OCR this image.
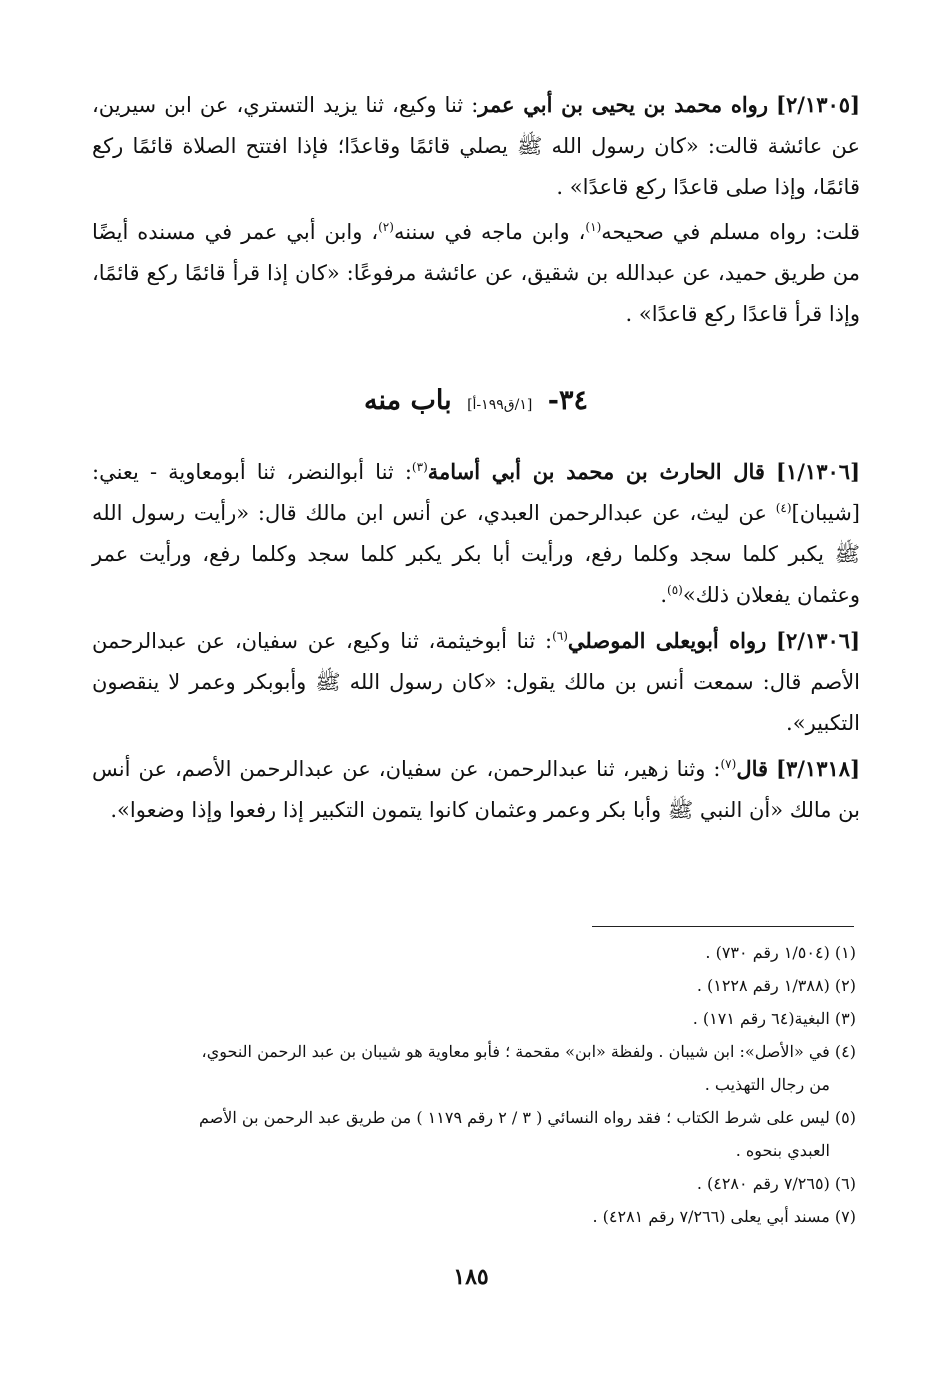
[٢/١٣٠٥] رواه محمد بن يحيى بن أبي عمر: ثنا وكيع، ثنا يزيد التستري، عن ابن سيرين، عن عائشة قالت: «كان رسول الله ﷺ يصلي قائمًا وقاعدًا؛ فإذا افتتح الصلاة قائمًا ركع قائمًا، وإذا صلى قاعدًا ركع قاعدًا» .

قلت: رواه مسلم في صحيحه$^{(١)}$، وابن ماجه في سننه$^{(٢)}$، وابن أبي عمر في مسنده أيضًا من طريق حميد، عن عبدالله بن شقيق، عن عائشة مرفوعًا: «كان إذا قرأ قائمًا ركع قائمًا، وإذا قرأ قاعدًا ركع قاعدًا» .

٣٤- [١/ق١٩٩-أ] باب منه

[١/١٣٠٦] قال الحارث بن محمد بن أبي أسامة$^{(٣)}$: ثنا أبوالنضر، ثنا أبومعاوية - يعني: [شيبان]$^{(٤)}$ عن ليث، عن عبدالرحمن العبدي، عن أنس ابن مالك قال: «رأيت رسول الله ﷺ يكبر كلما سجد وكلما رفع، ورأيت أبا بكر يكبر كلما سجد وكلما رفع، ورأيت عمر وعثمان يفعلان ذلك»$^{(٥)}$.

[٢/١٣٠٦] رواه أبويعلى الموصلي$^{(٦)}$: ثنا أبوخيثمة، ثنا وكيع، عن سفيان، عن عبدالرحمن الأصم قال: سمعت أنس بن مالك يقول: «كان رسول الله ﷺ وأبوبكر وعمر لا ينقصون التكبير».

[٣/١٣١٨] قال$^{(٧)}$: وثنا زهير، ثنا عبدالرحمن، عن سفيان، عن عبدالرحمن الأصم، عن أنس بن مالك «أن النبي ﷺ وأبا بكر وعمر وعثمان كانوا يتمون التكبير إذا رفعوا وإذا وضعوا».

(١) (١/٥٠٤ رقم ٧٣٠) .

(٢) (١/٣٨٨ رقم ١٢٢٨) .

(٣) البغية(٦٤ رقم ١٧١) .

(٤) في «الأصل»: ابن شيبان . ولفظة «ابن» مقحمة ؛ فأبو معاوية هو شيبان بن عبد الرحمن النحوي،
من رجال التهذيب .

(٥) ليس على شرط الكتاب ؛ فقد رواه النسائي ( ٣ / ٢ رقم ١١٧٩ ) من طريق عبد الرحمن بن الأصم
العبدي بنحوه .

(٦) (٧/٢٦٥ رقم ٤٢٨٠) .

(٧) مسند أبي يعلى (٧/٢٦٦ رقم ٤٢٨١) .

١٨٥
